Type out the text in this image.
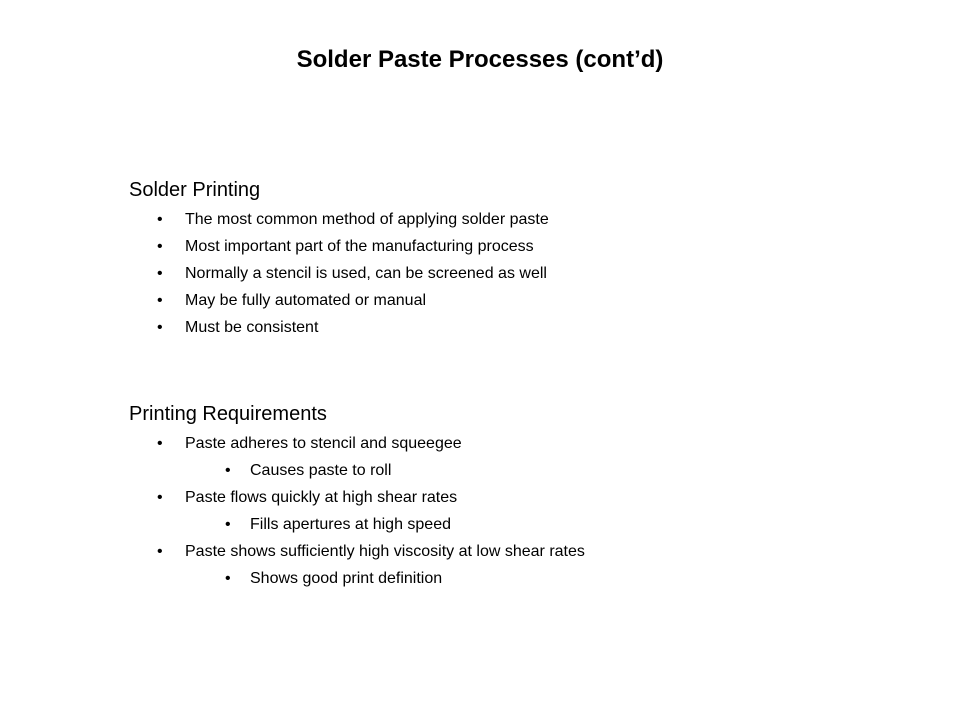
Solder Paste Processes (cont’d)
Solder Printing
• The most common method of applying solder paste
• Most important part of the manufacturing process
• Normally a stencil is used, can be screened as well
• May be fully automated or manual
• Must be consistent
Printing Requirements
• Paste adheres to stencil and squeegee
• Causes paste to roll
• Paste flows quickly at high shear rates
• Fills apertures at high speed
• Paste shows sufficiently high viscosity at low shear rates
• Shows good print definition
